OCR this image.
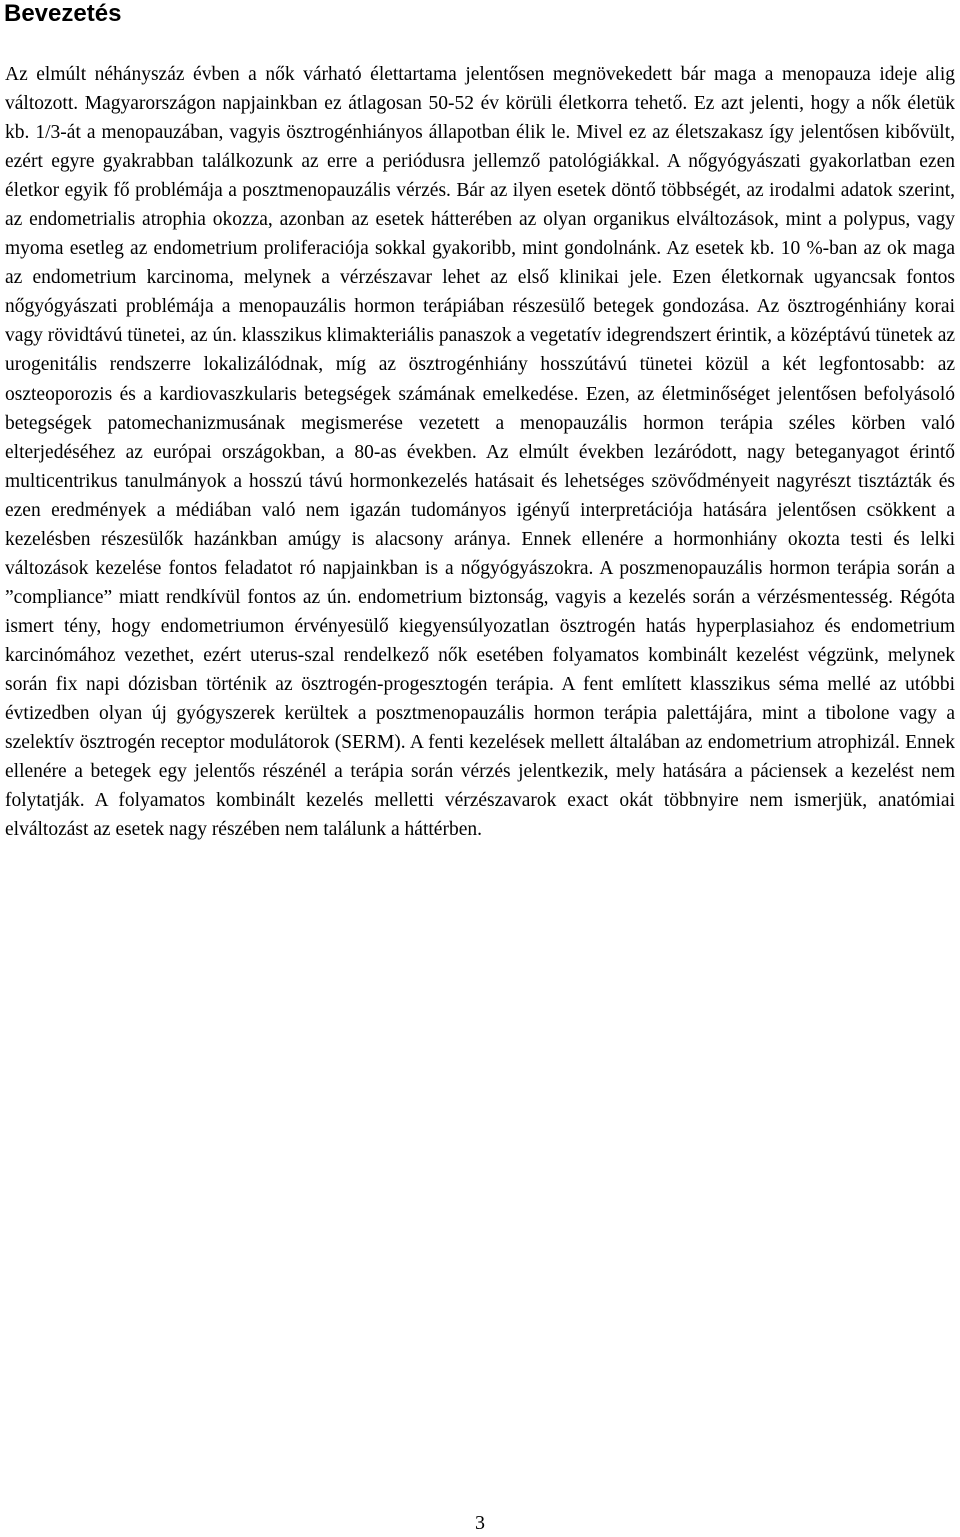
Bevezetés

Az elmúlt néhányszáz évben a nők várható élettartama jelentősen megnövekedett bár maga a menopauza ideje alig változott. Magyarországon napjainkban ez átlagosan 50-52 év körüli életkorra tehető. Ez azt jelenti, hogy a nők életük kb. 1/3-át a menopauzában, vagyis ösztrogénhiányos állapotban élik le. Mivel ez az életszakasz így jelentősen kibővült, ezért egyre gyakrabban találkozunk az erre a periódusra jellemző patológiákkal. A nőgyógyászati gyakorlatban ezen életkor egyik fő problémája a posztmenopauzális vérzés. Bár az ilyen esetek döntő többségét, az irodalmi adatok szerint, az endometrialis atrophia okozza, azonban az esetek hátterében az olyan organikus elváltozások, mint a polypus, vagy myoma esetleg az endometrium proliferaciója sokkal gyakoribb, mint gondolnánk. Az esetek kb. 10 %-ban az ok maga az endometrium karcinoma, melynek a vérzészavar lehet az első klinikai jele. Ezen életkornak ugyancsak fontos nőgyógyászati problémája a menopauzális hormon terápiában részesülő betegek gondozása. Az ösztrogénhiány korai vagy rövidtávú tünetei, az ún. klasszikus klimakteriális panaszok a vegetatív idegrendszert érintik, a középtávú tünetek az urogenitális rendszerre lokalizálódnak, míg az ösztrogénhiány hosszútávú tünetei közül a két legfontosabb: az oszteoporozis és a kardiovaszkularis betegségek számának emelkedése. Ezen, az életminőséget jelentősen befolyásoló betegségek patomechanizmusának megismerése vezetett a menopauzális hormon terápia széles körben való elterjedéséhez az európai országokban, a 80-as években. Az elmúlt években lezáródott, nagy beteganyagot érintő multicentrikus tanulmányok a hosszú távú hormonkezelés hatásait és lehetséges szövődményeit nagyrészt tisztázták és ezen eredmények a médiában való nem igazán tudományos igényű interpretációja hatására jelentősen csökkent a kezelésben részesülők hazánkban amúgy is alacsony aránya. Ennek ellenére a hormonhiány okozta testi és lelki változások kezelése fontos feladatot ró napjainkban is a nőgyógyászokra. A poszmenopauzális hormon terápia során a ”compliance” miatt rendkívül fontos az ún. endometrium biztonság, vagyis a kezelés során a vérzésmentesség. Régóta ismert tény, hogy endometriumon érvényesülő kiegyensúlyozatlan ösztrogén hatás hyperplasiahoz és endometrium karcinómához vezethet, ezért uterus-szal rendelkező nők esetében folyamatos kombinált kezelést végzünk, melynek során fix napi dózisban történik az ösztrogén-progesztogén terápia. A fent említett klasszikus séma mellé az utóbbi évtizedben olyan új gyógyszerek kerültek a posztmenopauzális hormon terápia palettájára, mint a tibolone vagy a szelektív ösztrogén receptor modulátorok (SERM). A fenti kezelések mellett általában az endometrium atrophizál. Ennek ellenére a betegek egy jelentős részénél a terápia során vérzés jelentkezik, mely hatására a páciensek a kezelést nem folytatják. A folyamatos kombinált kezelés melletti vérzészavarok exact okát többnyire nem ismerjük, anatómiai elváltozást az esetek nagy részében nem találunk a háttérben.

3
